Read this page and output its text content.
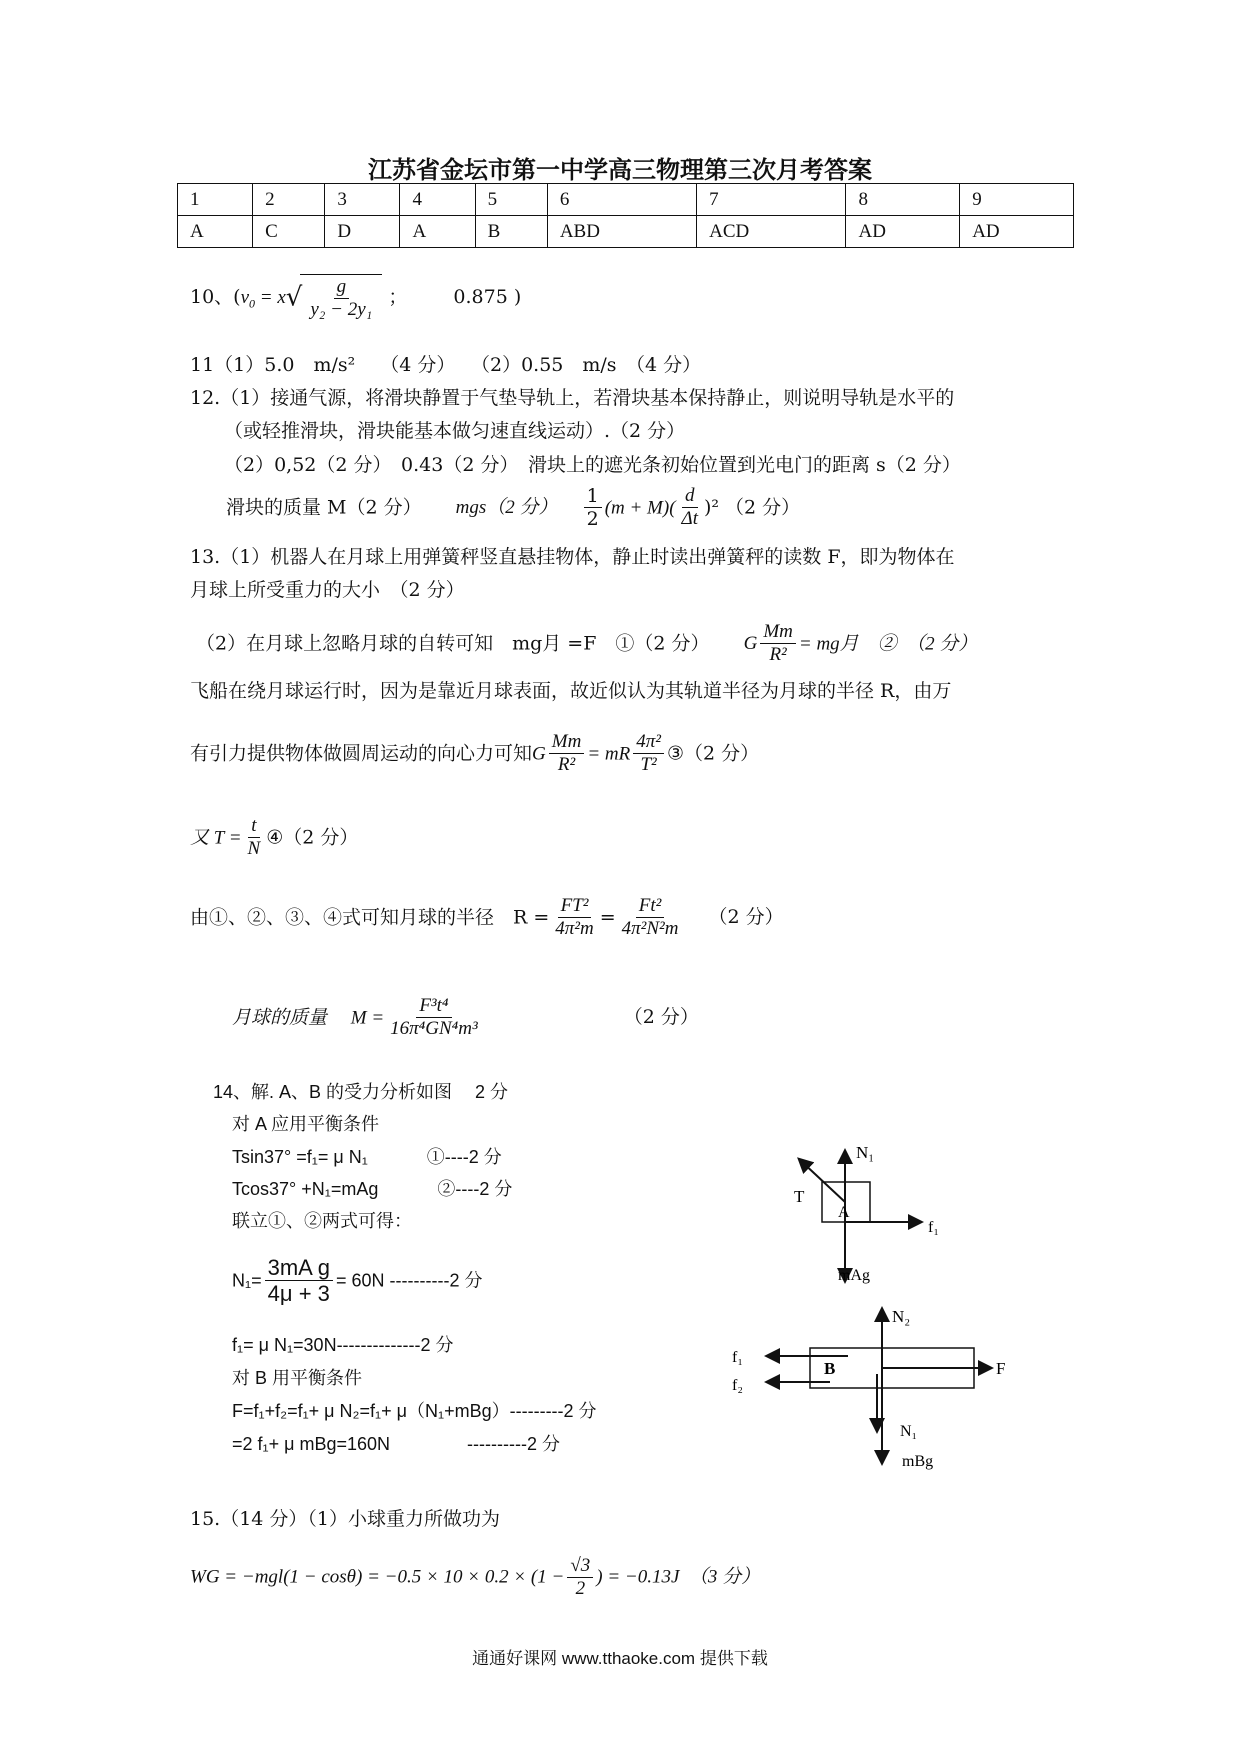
江苏省金坛市第一中学高三物理第三次月考答案
1	2	3	4	5	6	7	8	9
A	C	D	A	B	ABD	ACD	AD	AD
10、($v_0 = x√ \frac{g}{\text{y₂ − 2y₁}}$ ； 0.875 )
11（1）5.0　m/s²　 （4 分）　 （2）0.55　m/s　（4 分）
12.（1）接通气源，将滑块静置于气垫导轨上，若滑块基本保持静止，则说明导轨是水平的
（或轻推滑块，滑块能基本做匀速直线运动）.（2 分）
（2）0,52（2 分）　0.43（2 分）　滑块上的遮光条初始位置到光电门的距离 s（2 分）
滑块的质量 M（2 分） mgs（2 分） $\frac{1}{2} (m + M)( \frac{d}{\Delta t} )^2$ （2 分）
13.（1）机器人在月球上用弹簧秤竖直悬挂物体，静止时读出弹簧秤的读数 F，即为物体在
月球上所受重力的大小　（2 分）
（2）在月球上忽略月球的自转可知　mg月 =F　①（2 分） G $\frac{Mm}{\text{R²}}$ = mg月　②　（2 分）
飞船在绕月球运行时，因为是靠近月球表面，故近似认为其轨道半径为月球的半径 R，由万
有引力提供物体做圆周运动的向心力可知G $\frac{Mm}{\text{R²}}$ = mR $\frac{\text{4π²}}{\text{T²}}$ ③（2 分）
又 $T = \frac{t}{N}$ ④（2 分）
由①、②、③、④式可知月球的半径　$R = \frac{\text{FT²}}{\text{4π²m}} = \frac{\text{Ft²}}{\text{4π²N²m}} (2$ 分）
月球的质量　 $M = \frac{\text{F³t⁴}}{\text{16π⁴GN⁴m³}}$	（2 分）
14、解. A、B 的受力分析如图　 2 分
对 A 应用平衡条件
Tsin37° =f₁= μ N₁　　　 ①----2 分
Tcos37° +N₁=mAg　　　 ②----2 分
联立①、②两式可得：
$N_1= \frac{\text{3mA g}}{4\mu + 3} = 60N$ ----------2 分
f₁= μ N₁=30N--------------2 分
对 B 用平衡条件
F=f₁+f₂=f₁+ μ N₂=f₁+ μ（N₁+mBg）---------2 分
=2 f₁+ μ mBg=160N　　　　 ----------2 分
N₁
T
A
f₁
mAg
N₂
f₁
f₂
B	F
N₁
mBg
15.（14 分）（1）小球重力所做功为
WG = $-mgl(1 - \cos\theta) = -0.5 \times 10 \times 0.2 \times (1 - \frac{√3}{2}$ ) = −0.13J　（3 分）
通通好课网 www.tthaoke.com 提供下载
